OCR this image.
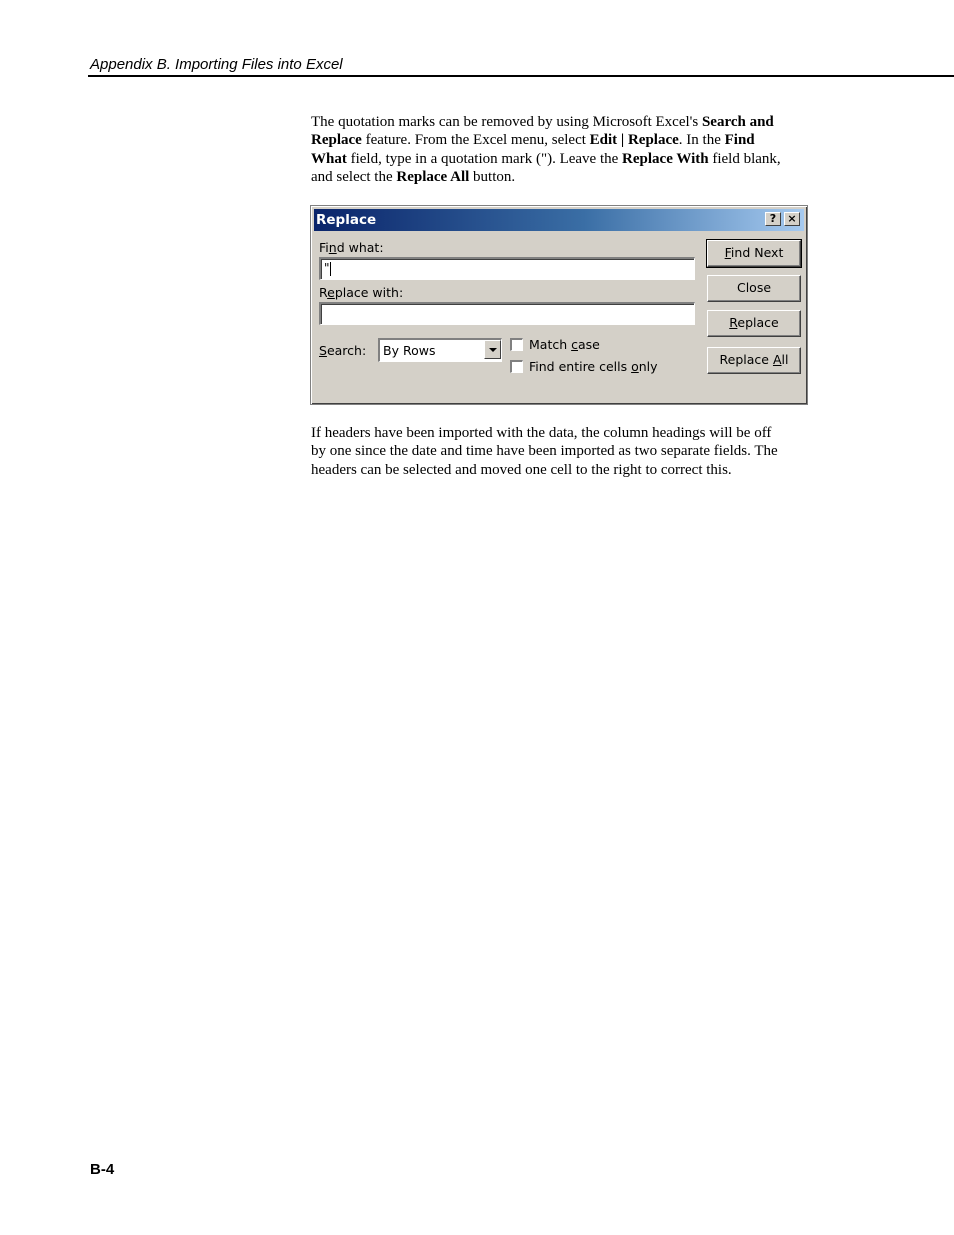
Appendix B. Importing Files into Excel
The quotation marks can be removed by using Microsoft Excel's Search and
Replace feature. From the Excel menu, select Edit | Replace. In the Find
What field, type in a quotation mark ("). Leave the Replace With field blank,
and select the Replace All button.
Replace	?	×
Find what:
"
Replace with:
Search: By Rows	Match case
Find entire cells only
Find Next
Close
Replace
Replace All
If headers have been imported with the data, the column headings will be off
by one since the date and time have been imported as two separate fields. The
headers can be selected and moved one cell to the right to correct this.
B-4
